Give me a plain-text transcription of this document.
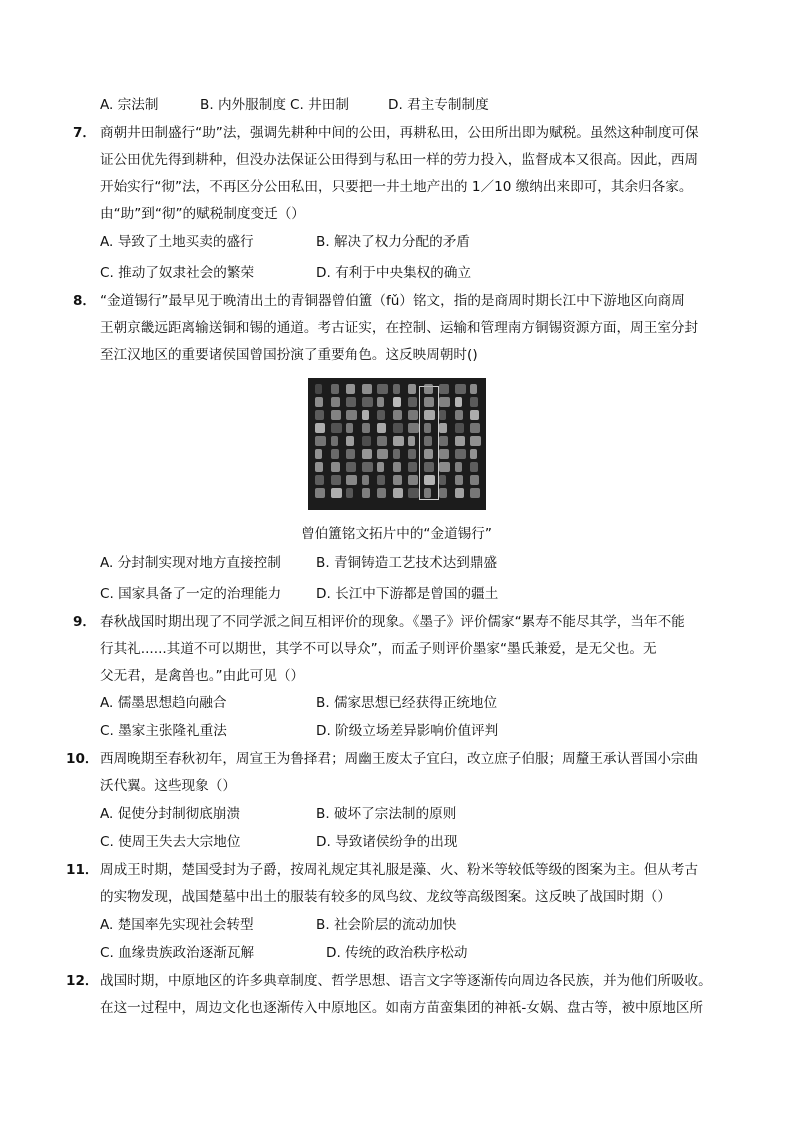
A. 宗法制	B. 内外服制度 C. 井田制	D. 君主专制制度
7． 商朝井田制盛行“助”法，强调先耕种中间的公田，再耕私田，公田所出即为赋税。虽然这种制度可保
证公田优先得到耕种，但没办法保证公田得到与私田一样的劳力投入，监督成本又很高。因此，西周
开始实行“彻”法，不再区分公田私田，只要把一井土地产出的 1／10 缴纳出来即可，其余归各家。
由“助”到“彻”的赋税制度变迁（）
A. 导致了土地买卖的盛行	B. 解决了权力分配的矛盾
C. 推动了奴隶社会的繁荣	D. 有利于中央集权的确立
8． “金道锡行”最早见于晚清出土的青铜器曾伯簠（fǔ）铭文，指的是商周时期长江中下游地区向商周
王朝京畿远距离输送铜和锡的通道。考古证实，在控制、运输和管理南方铜锡资源方面，周王室分封
至江汉地区的重要诸侯国曾国扮演了重要角色。这反映周朝时()
曾伯簠铭文拓片中的“金道锡行”
A. 分封制实现对地方直接控制	B. 青铜铸造工艺技术达到鼎盛
C. 国家具备了一定的治理能力	D. 长江中下游都是曾国的疆土
9． 春秋战国时期出现了不同学派之间互相评价的现象。《墨子》评价儒家“累寿不能尽其学，当年不能
行其礼......其道不可以期世，其学不可以导众”，而孟子则评价墨家“墨氏兼爱，是无父也。无
父无君，是禽兽也。”由此可见（）
A. 儒墨思想趋向融合	B. 儒家思想已经获得正统地位
C. 墨家主张隆礼重法	D. 阶级立场差异影响价值评判
10． 西周晚期至春秋初年，周宣王为鲁择君；周幽王废太子宜臼，改立庶子伯服；周釐王承认晋国小宗曲
沃代翼。这些现象（）
A. 促使分封制彻底崩溃	B. 破坏了宗法制的原则
C. 使周王失去大宗地位	D. 导致诸侯纷争的出现
11． 周成王时期，楚国受封为子爵，按周礼规定其礼服是藻、火、粉米等较低等级的图案为主。但从考古
的实物发现，战国楚墓中出土的服装有较多的凤鸟纹、龙纹等高级图案。这反映了战国时期（）
A. 楚国率先实现社会转型	B. 社会阶层的流动加快
C. 血缘贵族政治逐渐瓦解	D. 传统的政治秩序松动
12． 战国时期，中原地区的许多典章制度、哲学思想、语言文字等逐渐传向周边各民族，并为他们所吸收。
在这一过程中，周边文化也逐渐传入中原地区。如南方苗蛮集团的神祇-女娲、盘古等，被中原地区所
